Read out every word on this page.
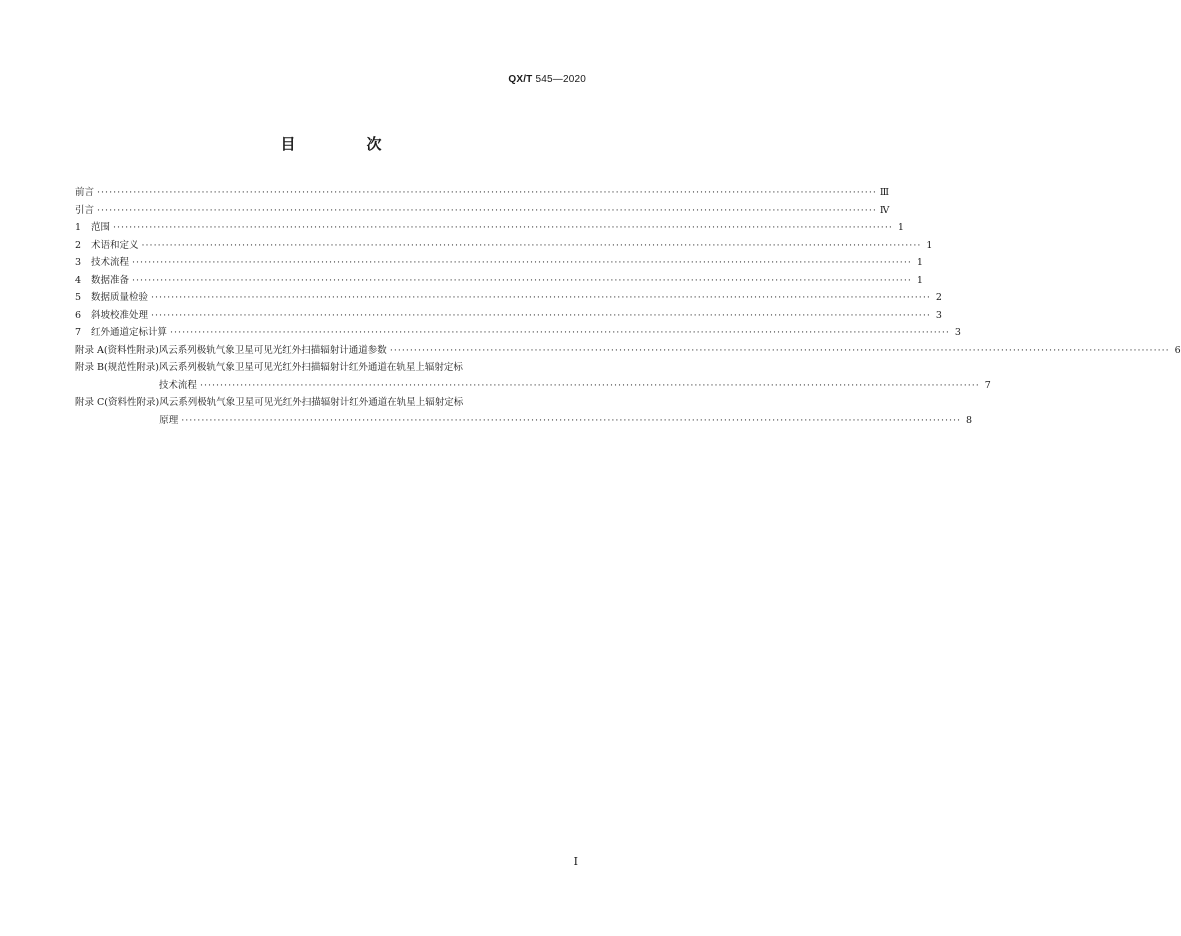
QX/T 545—2020
目　次
前言 ·····	Ⅲ
引言 ·····	Ⅳ
1 范围 ·····	1
2 术语和定义 ·····	1
3 技术流程 ·····	1
4 数据准备 ·····	1
5 数据质量检验 ·····	2
6 斜坡校准处理 ·····	3
7 红外通道定标计算 ·····	3
附录 A(资料性附录) 风云系列极轨气象卫星可见光红外扫描辐射计通道参数 ·····	6
附录 B(规范性附录) 风云系列极轨气象卫星可见光红外扫描辐射计红外通道在轨星上辐射定标
技术流程 ·····	7
附录 C(资料性附录) 风云系列极轨气象卫星可见光红外扫描辐射计红外通道在轨星上辐射定标
原理 ·····	8
Ⅰ
